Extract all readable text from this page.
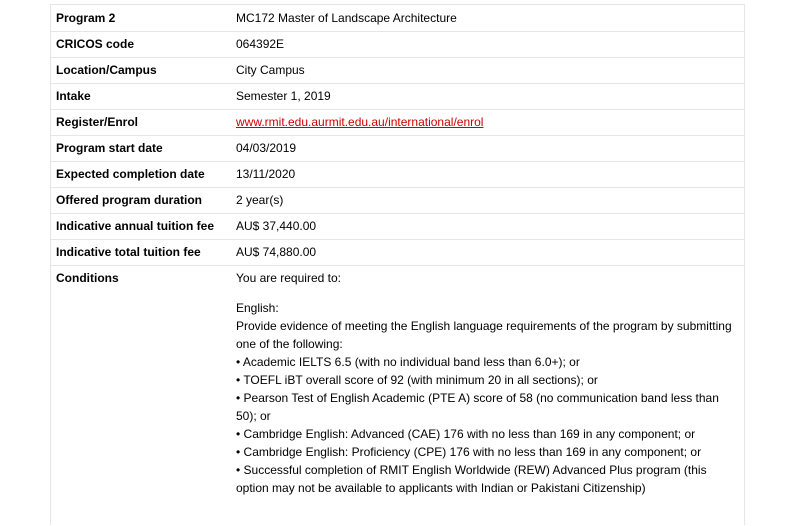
Program 2	MC172 Master of Landscape Architecture
CRICOS code	064392E
Location/Campus	City Campus
Intake	Semester 1, 2019
Register/Enrol	www.rmit.edu.aurmit.edu.au/international/enrol
Program start date	04/03/2019
Expected completion date	13/11/2020
Offered program duration	2 year(s)
Indicative annual tuition fee AU$ 37,440.00
Indicative total tuition fee	AU$ 74,880.00
Conditions	You are required to:

English:

Provide evidence of meeting the English language requirements of the program by submitting one of the following:

• Academic IELTS 6.5 (with no individual band less than 6.0+); or

• TOEFL iBT overall score of 92 (with minimum 20 in all sections); or

• Pearson Test of English Academic (PTE A) score of 58 (no communication band less than 50); or

• Cambridge English: Advanced (CAE) 176 with no less than 169 in any component; or

• Cambridge English: Proficiency (CPE) 176 with no less than 169 in any component; or

• Successful completion of RMIT English Worldwide (REW) Advanced Plus program (this option may not be available to applicants with Indian or Pakistani Citizenship)
